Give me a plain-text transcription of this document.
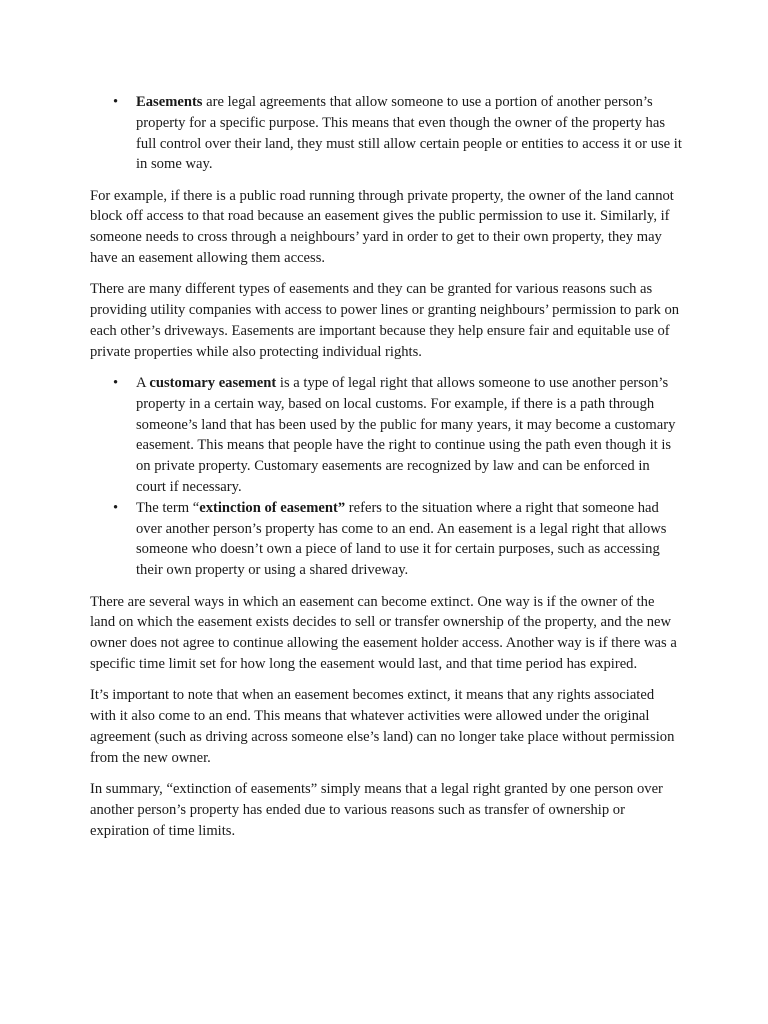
•	Easements are legal agreements that allow someone to use a portion of another person’s property for a specific purpose. This means that even though the owner of the property has full control over their land, they must still allow certain people or entities to access it or use it in some way.

For example, if there is a public road running through private property, the owner of the land cannot block off access to that road because an easement gives the public permission to use it. Similarly, if someone needs to cross through a neighbours’ yard in order to get to their own property, they may have an easement allowing them access.

There are many different types of easements and they can be granted for various reasons such as providing utility companies with access to power lines or granting neighbours’ permission to park on each other’s driveways. Easements are important because they help ensure fair and equitable use of private properties while also protecting individual rights.

•	A customary easement is a type of legal right that allows someone to use another person’s property in a certain way, based on local customs. For example, if there is a path through someone’s land that has been used by the public for many years, it may become a customary easement. This means that people have the right to continue using the path even though it is on private property. Customary easements are recognized by law and can be enforced in court if necessary.
•	The term “extinction of easement” refers to the situation where a right that someone had over another person’s property has come to an end. An easement is a legal right that allows someone who doesn’t own a piece of land to use it for certain purposes, such as accessing their own property or using a shared driveway.

There are several ways in which an easement can become extinct. One way is if the owner of the land on which the easement exists decides to sell or transfer ownership of the property, and the new owner does not agree to continue allowing the easement holder access. Another way is if there was a specific time limit set for how long the easement would last, and that time period has expired.

It’s important to note that when an easement becomes extinct, it means that any rights associated with it also come to an end. This means that whatever activities were allowed under the original agreement (such as driving across someone else’s land) can no longer take place without permission from the new owner.

In summary, “extinction of easements” simply means that a legal right granted by one person over another person’s property has ended due to various reasons such as transfer of ownership or expiration of time limits.
